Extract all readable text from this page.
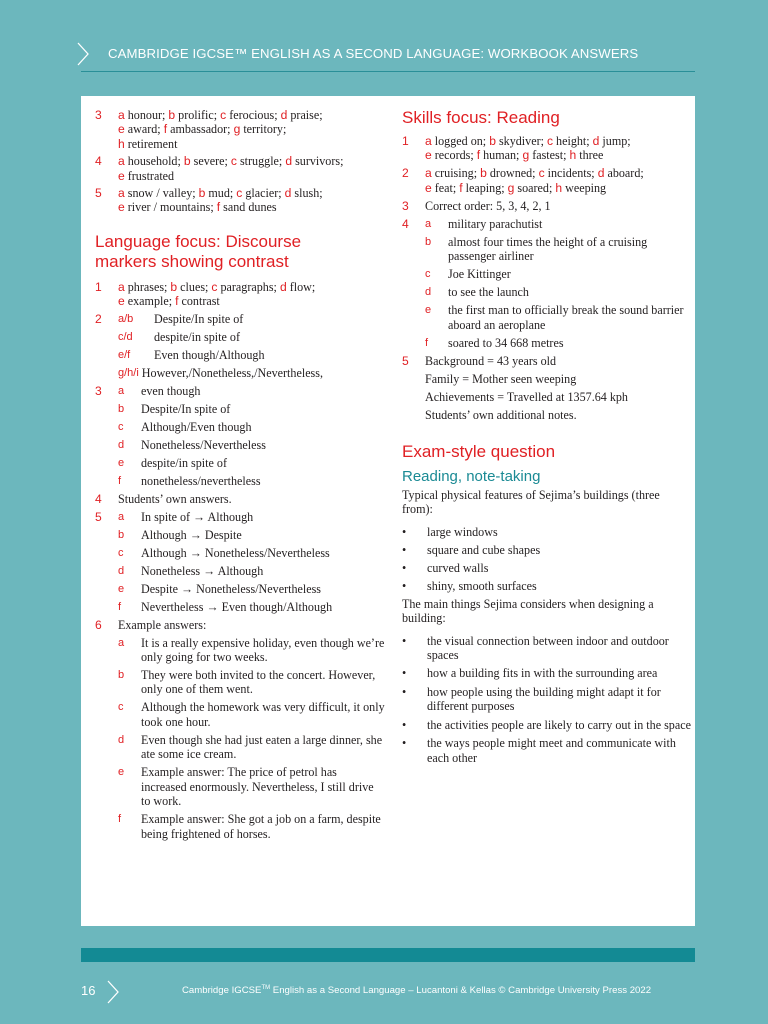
CAMBRIDGE IGCSE™ ENGLISH AS A SECOND LANGUAGE: WORKBOOK ANSWERS
3	a honour; b prolific; c ferocious; d praise;
e award; f ambassador; g territory;
h retirement
4	a household; b severe; c struggle; d survivors;
e frustrated
5	a snow / valley; b mud; c glacier; d slush;
e river / mountains; f sand dunes
Language focus: Discourse
markers showing contrast
1	a phrases; b clues; c paragraphs; d flow;
e example; f contrast
2	a/b	Despite/In spite of
c/d	despite/in spite of
e/f	Even though/Although
g/h/i However,/Nonetheless,/Nevertheless,
3	a	even though
b	Despite/In spite of
c	Although/Even though
d	Nonetheless/Nevertheless
e	despite/in spite of
f	nonetheless/nevertheless
4	Students’ own answers.
5	a	In spite of → Although
b	Although → Despite
c	Although → Nonetheless/Nevertheless
d	Nonetheless → Although
e	Despite → Nonetheless/Nevertheless
f	Nevertheless → Even though/Although
6	Example answers:
a	It is a really expensive holiday, even though we’re only going for two weeks.
b	They were both invited to the concert. However, only one of them went.
c	Although the homework was very difficult, it only took one hour.
d	Even though she had just eaten a large dinner, she ate some ice cream.
e	Example answer: The price of petrol has increased enormously. Nevertheless, I still drive to work.
f	Example answer: She got a job on a farm, despite being frightened of horses.
Skills focus: Reading
1	a logged on; b skydiver; c height; d jump;
e records; f human; g fastest; h three
2	a cruising; b drowned; c incidents; d aboard;
e feat; f leaping; g soared; h weeping
3	Correct order: 5, 3, 4, 2, 1
4	a	military parachutist
b	almost four times the height of a cruising passenger airliner
c	Joe Kittinger
d	to see the launch
e	the first man to officially break the sound barrier aboard an aeroplane
f	soared to 34 668 metres
5	Background = 43 years old
Family = Mother seen weeping
Achievements = Travelled at 1357.64 kph
Students’ own additional notes.
Exam-style question
Reading, note-taking
Typical physical features of Sejima’s buildings (three from):
•	large windows
•	square and cube shapes
•	curved walls
•	shiny, smooth surfaces
The main things Sejima considers when designing a building:
•	the visual connection between indoor and outdoor spaces
•	how a building fits in with the surrounding area
•	how people using the building might adapt it for different purposes
•	the activities people are likely to carry out in the space
•	the ways people might meet and communicate with each other
16	Cambridge IGCSE™ English as a Second Language – Lucantoni & Kellas © Cambridge University Press 2022
